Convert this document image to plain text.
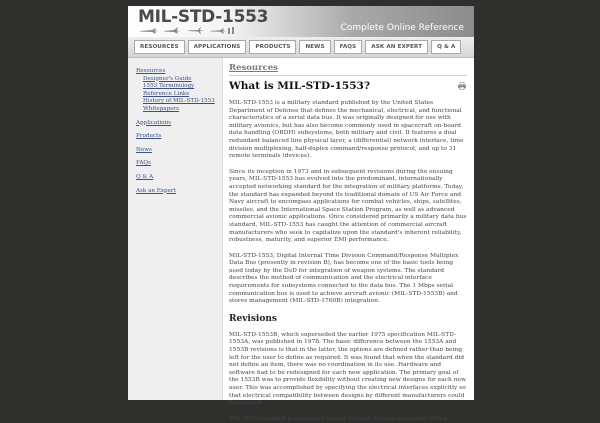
MIL-STD-1553
Complete Online Reference
RESOURCES	APPLICATIONS	PRODUCTS	NEWS	FAQS	ASK AN EXPERT	Q & A
Resources
Designer's Guide
1553 Terminology
Reference Links
History of MIL-STD-1553
Whitepapers
Applications
Products
News
FAQs
Q & A
Ask an Expert
Resources
What is MIL-STD-1553?

MIL-STD-1553 is a military standard published by the United States Department of Defense that defines the mechanical, electrical, and functional characteristics of a serial data bus. It was originally designed for use with military avionics, but has also become commonly used in spacecraft on-board data handling (OBDH) subsystems, both military and civil. It features a dual redundant balanced line physical layer, a (differential) network interface, time division multiplexing, half-duplex command/response protocol, and up to 31 remote terminals (devices).

Since its inception in 1973 and in subsequent revisions during the ensuing years, MIL-STD-1553 has evolved into the predominant, internationally accepted networking standard for the integration of military platforms. Today, the standard has expanded beyond its traditional domain of US Air Force and Navy aircraft to encompass applications for combat vehicles, ships, satellites, missiles, and the International Space Station Program, as well as advanced commercial avionic applications. Once considered primarily a military data bus standard, MIL-STD-1553 has caught the attention of commercial aircraft manufacturers who seek to capitalize upon the standard's inherent reliability, robustness, maturity, and superior EMI performance.

MIL-STD-1553, Digital Internal Time Division Command/Response Multiplex Data Bus (presently in revision B), has become one of the basic tools being used today by the DoD for integration of weapon systems. The standard describes the method of communication and the electrical interface requirements for subsystems connected to the data bus. The 1 Mbps serial communication bus is used to achieve aircraft avionic (MIL-STD-1553B) and stores management (MIL-STD-1760B) integration.

Revisions

MIL-STD-1553B, which superseded the earlier 1975 specification MIL-STD-1553A, was published in 1978. The basic difference between the 1553A and 1553B revisions is that in the latter, the options are defined rather than being left for the user to define as required. It was found that when the standard did not define an item, there was no coordination in its use. Hardware and software had to be redesigned for each new application. The primary goal of the 1553B was to provide flexibility without creating new designs for each new user. This was accomplished by specifying the electrical interfaces explicitly so that electrical compatibility between designs by different manufacturers could be assured.

The 1553 standard is organized similar to most military standards with a
